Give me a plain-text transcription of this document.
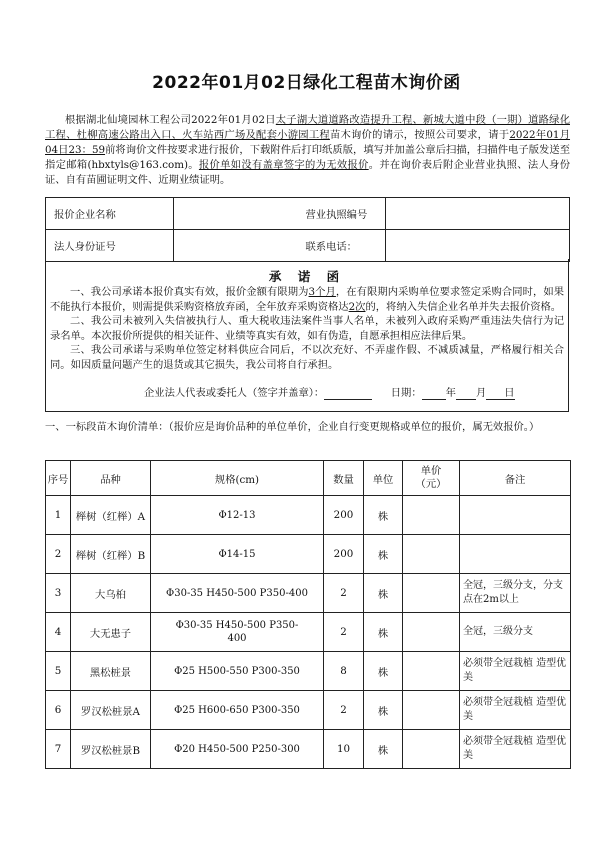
2022年01月02日绿化工程苗木询价函
根据湖北仙境园林工程公司2022年01月02日太子湖大道道路改造提升工程、新城大道中段（一期）道路绿化工程、杜柳高速公路出入口、火车站西广场及配套小游园工程苗木询价的请示，按照公司要求，请于2022年01月04日23：59前将询价文件按要求进行报价，下载附件后打印纸质版，填写并加盖公章后扫描，扫描件电子版发送至指定邮箱(hbxtyls@163.com)。报价单如没有盖章签字的为无效报价。并在询价表后附企业营业执照、法人身份证、自有苗圃证明文件、近期业绩证明。
报价企业名称		营业执照编号	
法人身份证号		联系电话：	
承 诺 函

一、我公司承诺本报价真实有效，报价金额有限期为3个月，在有限期内采购单位要求签定采购合同时，如果不能执行本报价，则需提供采购资格放弃函，全年放弃采购资格达2次的，将纳入失信企业名单并失去报价资格。

二、我公司未被列入失信被执行人、重大税收违法案件当事人名单，未被列入政府采购严重违法失信行为记录名单。本次报价所提供的相关证件、业绩等真实有效，如有伪造，自愿承担相应法律后果。

三、我公司承诺与采购单位签定材料供应合同后，不以次充好、不弄虚作假、不减质减量，严格履行相关合同。如因质量问题产生的退货或其它损失，我公司将自行承担。

企业法人代表或委托人（签字并盖章）：	日期： 年 月 日
一、一标段苗木询价清单：（报价应是询价品种的单位单价，企业自行变更规格或单位的报价，属无效报价。）
序号	品种	规格(cm)	数量	单位	单价（元）	备注
1	榉树（红榉）A	Φ12-13	200	株		
2	榉树（红榉）B	Φ14-15	200	株		
3	大乌桕	Φ30-35 H450-500 P350-400	2	株		全冠，三级分支，分支点在2m以上
4	大无患子	Φ30-35 H450-500 P350-400	2	株		全冠，三级分支
5	黑松桩景	Φ25 H500-550 P300-350	8	株		必须带全冠栽植 造型优美
6	罗汉松桩景A	Φ25 H600-650 P300-350	2	株		必须带全冠栽植 造型优美
7	罗汉松桩景B	Φ20 H450-500 P250-300	10	株		必须带全冠栽植 造型优美
